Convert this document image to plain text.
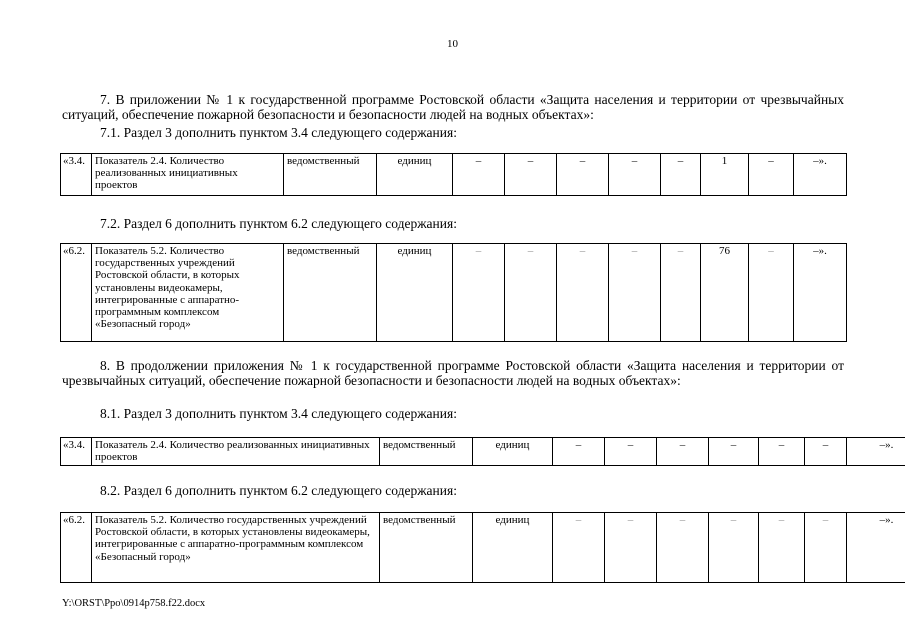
10
7. В приложении № 1 к государственной программе Ростовской области «Защита населения и территории от чрезвычайных ситуаций, обеспечение пожарной безопасности и безопасности людей на водных объектах»:
7.1. Раздел 3 дополнить пунктом 3.4 следующего содержания:
«3.4.	Показатель 2.4. Количество реализованных инициативных проектов	ведомственный	единиц	–	–	–	–	–	1	–	–».
7.2. Раздел 6 дополнить пунктом 6.2 следующего содержания:
«6.2.	Показатель 5.2. Количество государственных учреждений Ростовской области, в которых установлены видеокамеры, интегрированные с аппаратно-программным комплексом «Безопасный город»	ведомственный	единиц	–	–	–	–	–	76	–	–».
8. В продолжении приложения № 1 к государственной программе Ростовской области «Защита населения и территории от чрезвычайных ситуаций, обеспечение пожарной безопасности и безопасности людей на водных объектах»:
8.1. Раздел 3 дополнить пунктом 3.4 следующего содержания:
«3.4.	Показатель 2.4. Количество реализованных инициативных проектов	ведомственный	единиц	–	–	–	–	–	–	–».
8.2. Раздел 6 дополнить пунктом 6.2 следующего содержания:
«6.2.	Показатель 5.2. Количество государственных учреждений Ростовской области, в которых установлены видеокамеры, интегрированные с аппаратно-программным комплексом «Безопасный город»	ведомственный	единиц	–	–	–	–	–	–	–».
Y:\ORST\Ppo\0914p758.f22.docx
